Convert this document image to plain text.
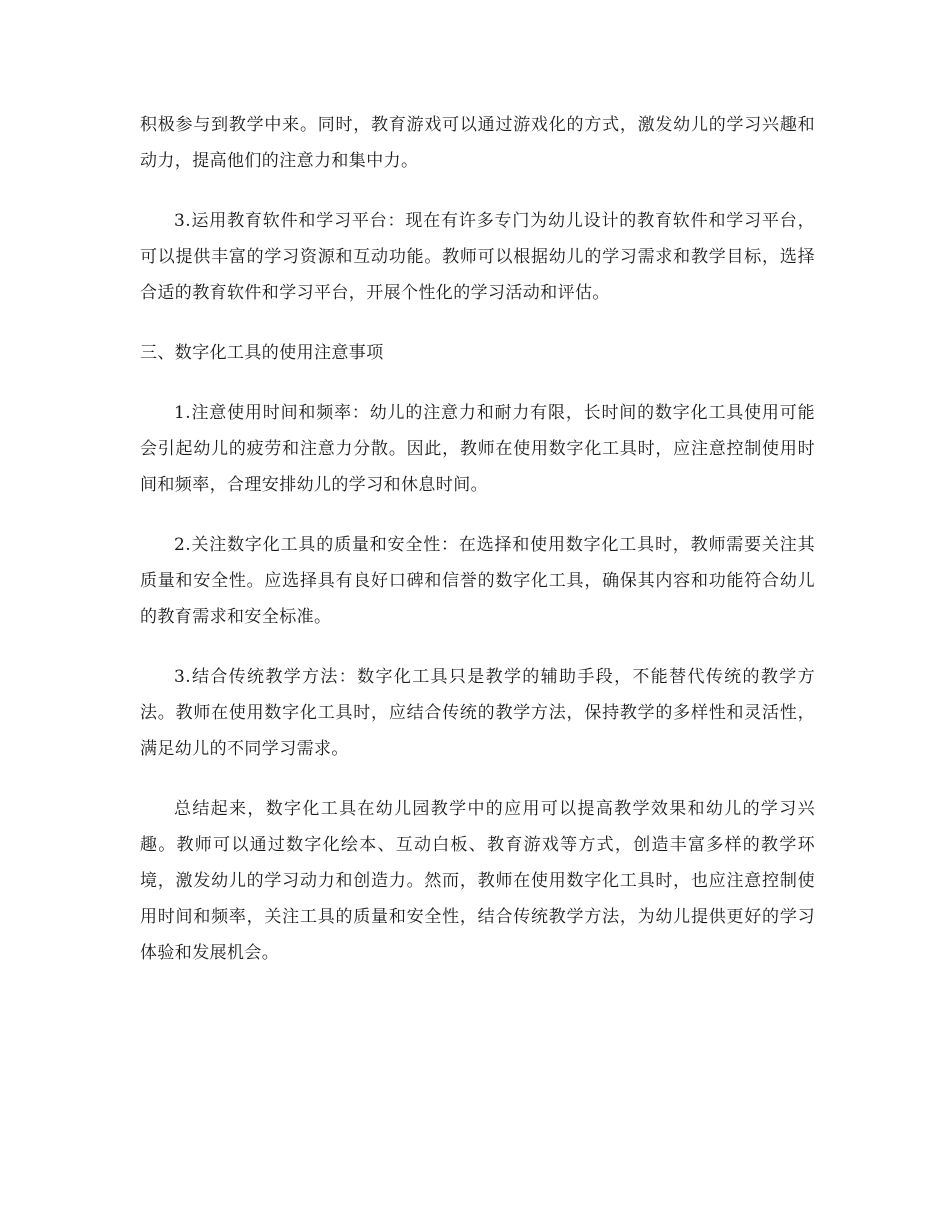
积极参与到教学中来。同时，教育游戏可以通过游戏化的方式，激发幼儿的学习兴趣和动力，提高他们的注意力和集中力。

3.运用教育软件和学习平台：现在有许多专门为幼儿设计的教育软件和学习平台，可以提供丰富的学习资源和互动功能。教师可以根据幼儿的学习需求和教学目标，选择合适的教育软件和学习平台，开展个性化的学习活动和评估。

三、数字化工具的使用注意事项

1.注意使用时间和频率：幼儿的注意力和耐力有限，长时间的数字化工具使用可能会引起幼儿的疲劳和注意力分散。因此，教师在使用数字化工具时，应注意控制使用时间和频率，合理安排幼儿的学习和休息时间。

2.关注数字化工具的质量和安全性：在选择和使用数字化工具时，教师需要关注其质量和安全性。应选择具有良好口碑和信誉的数字化工具，确保其内容和功能符合幼儿的教育需求和安全标准。

3.结合传统教学方法：数字化工具只是教学的辅助手段，不能替代传统的教学方法。教师在使用数字化工具时，应结合传统的教学方法，保持教学的多样性和灵活性，满足幼儿的不同学习需求。

总结起来，数字化工具在幼儿园教学中的应用可以提高教学效果和幼儿的学习兴趣。教师可以通过数字化绘本、互动白板、教育游戏等方式，创造丰富多样的教学环境，激发幼儿的学习动力和创造力。然而，教师在使用数字化工具时，也应注意控制使用时间和频率，关注工具的质量和安全性，结合传统教学方法，为幼儿提供更好的学习体验和发展机会。
